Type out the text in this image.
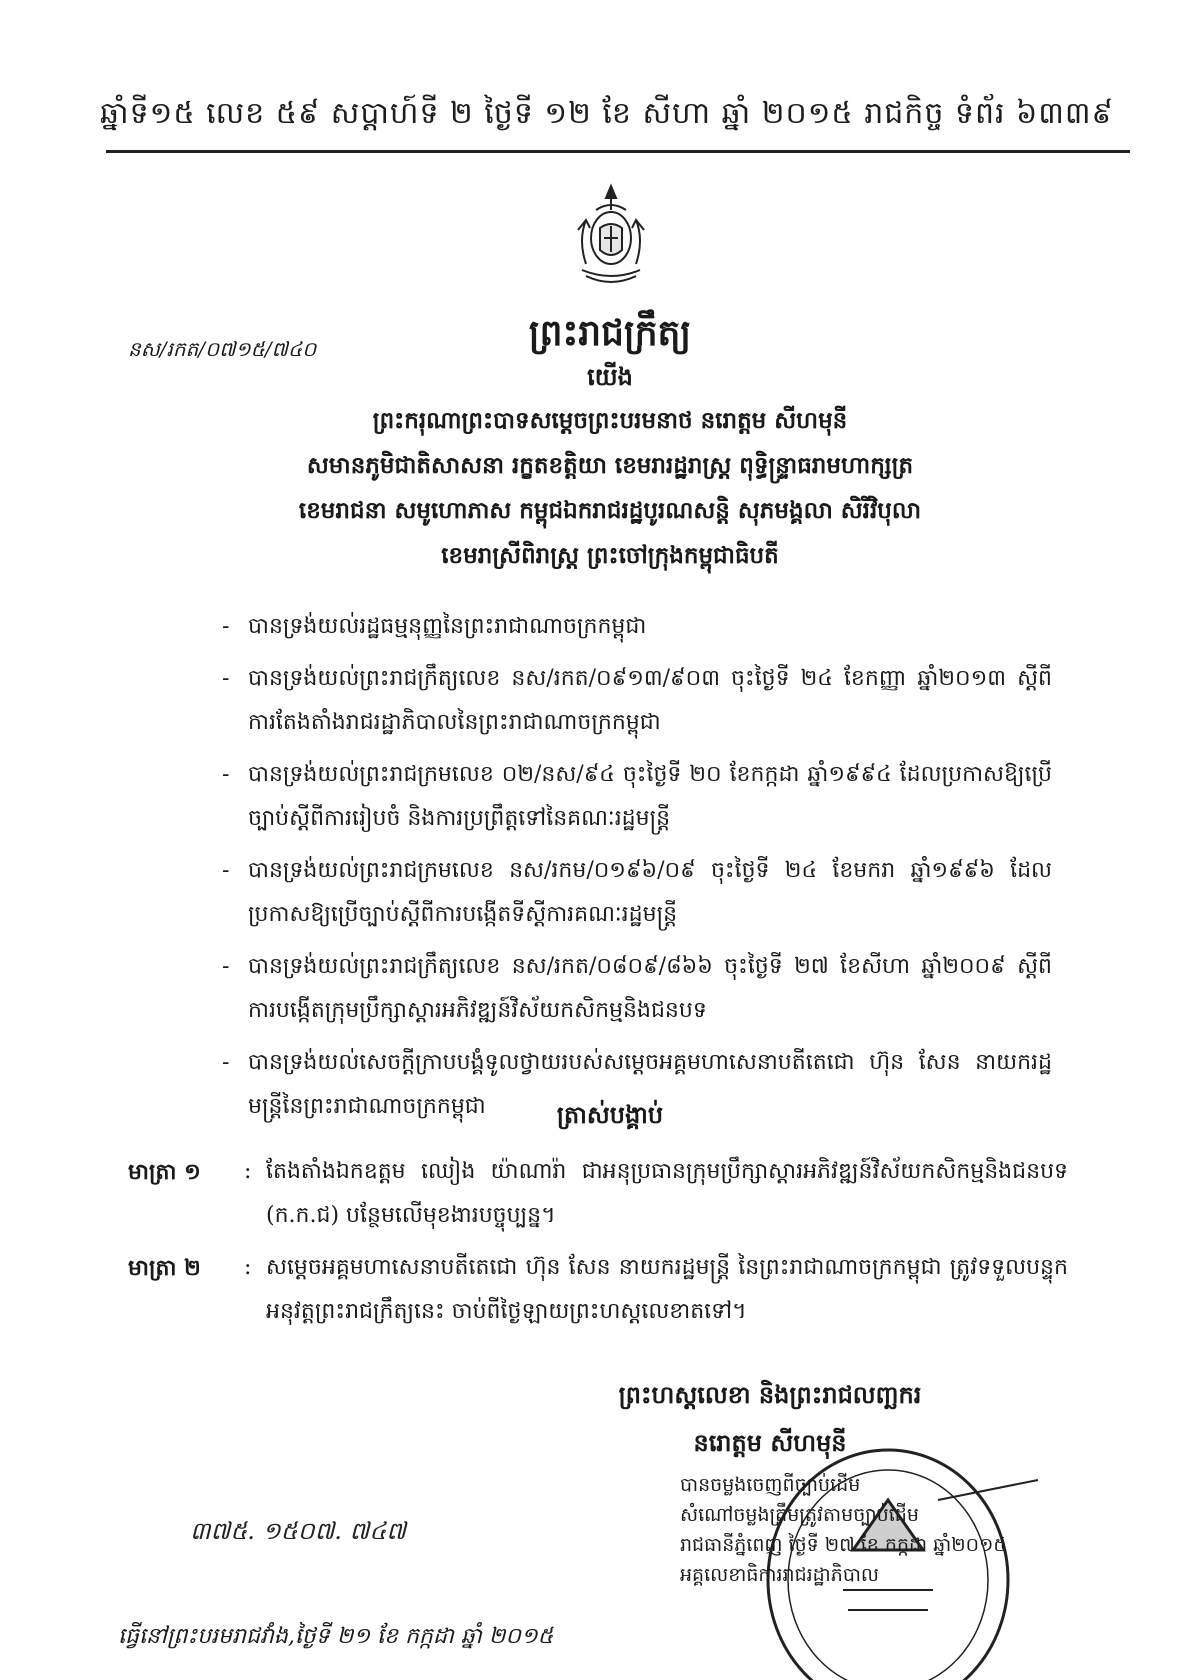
ឆ្នាំទី១៥ លេខ ៥៩ សប្តាហ៍ទី ២ ថ្ងៃទី ១២ ខែ សីហា ឆ្នាំ ២០១៥ រាជកិច្ច ទំព័រ ៦៣៣៩
ព្រះរាជក្រឹត្យ
នស/រកត/០៧១៥/៧៤០
យើង
ព្រះករុណាព្រះបាទសម្តេចព្រះបរមនាថ នរោត្តម សីហមុនី
សមានភូមិជាតិសាសនា រក្ខតខត្តិយា ខេមរារដ្ឋរាស្ត្រ ពុទ្ធិន្ទ្រាធរាមហាក្សត្រ
ខេមរាជនា សមូហោភាស កម្ពុជឯករាជរដ្ឋបូរណសន្តិ សុភមង្គលា សិរីវិបុលា
ខេមរាស្រីពិរាស្ត្រ ព្រះចៅក្រុងកម្ពុជាធិបតី
- បានទ្រង់យល់រដ្ឋធម្មនុញ្ញនៃព្រះរាជាណាចក្រកម្ពុជា
- បានទ្រង់យល់ព្រះរាជក្រឹត្យលេខ នស/រកត/០៩១៣/៩០៣ ចុះថ្ងៃទី ២៤ ខែកញ្ញា ឆ្នាំ២០១៣ ស្តីពីការតែងតាំងរាជរដ្ឋាភិបាលនៃព្រះរាជាណាចក្រកម្ពុជា
- បានទ្រង់យល់ព្រះរាជក្រមលេខ ០២/នស/៩៤ ចុះថ្ងៃទី ២០ ខែកក្កដា ឆ្នាំ១៩៩៤ ដែលប្រកាសឱ្យប្រើច្បាប់ស្តីពីការរៀបចំ និងការប្រព្រឹត្តទៅនៃគណៈរដ្ឋមន្ត្រី
- បានទ្រង់យល់ព្រះរាជក្រមលេខ នស/រកម/០១៩៦/០៩ ចុះថ្ងៃទី ២៤ ខែមករា ឆ្នាំ១៩៩៦ ដែលប្រកាសឱ្យប្រើច្បាប់ស្តីពីការបង្កើតទីស្តីការគណៈរដ្ឋមន្ត្រី
- បានទ្រង់យល់ព្រះរាជក្រឹត្យលេខ នស/រកត/០៨០៩/៨៦៦ ចុះថ្ងៃទី ២៧ ខែសីហា ឆ្នាំ២០០៩ ស្តីពីការបង្កើតក្រុមប្រឹក្សាស្តារអភិវឌ្ឍន៍វិស័យកសិកម្មនិងជនបទ
- បានទ្រង់យល់សេចក្តីក្រាបបង្គំទូលថ្វាយរបស់សម្តេចអគ្គមហាសេនាបតីតេជោ ហ៊ុន សែន នាយករដ្ឋមន្ត្រីនៃព្រះរាជាណាចក្រកម្ពុជា	ត្រាស់បង្គាប់
មាត្រា ១	: តែងតាំងឯកឧត្តម ឈៀង យ៉ាណារ៉ា ជាអនុប្រធានក្រុមប្រឹក្សាស្តារអភិវឌ្ឍន៍វិស័យកសិកម្មនិងជនបទ (ក.ក.ជ) បន្ថែមលើមុខងារបច្ចុប្បន្ន។
មាត្រា ២	: សម្តេចអគ្គមហាសេនាបតីតេជោ ហ៊ុន សែន នាយករដ្ឋមន្ត្រី នៃព្រះរាជាណាចក្រកម្ពុជា ត្រូវទទួលបន្ទុកអនុវត្តព្រះរាជក្រឹត្យនេះ ចាប់ពីថ្ងៃឡាយព្រះហស្តលេខាតទៅ។
ព្រះហស្តលេខា និងព្រះរាជលញ្ឆករ
នរោត្តម សីហមុនី
៣៧៥. ១៥០៧. ៧៤៧
បានចម្លងចេញពីច្បាប់ដើម
សំណៅចម្លងត្រឹមត្រូវតាមច្បាប់ដើម
រាជធានីភ្នំពេញ ថ្ងៃទី ២៧ ខែ កក្កដា ឆ្នាំ២០១៥
អគ្គលេខាធិការរាជរដ្ឋាភិបាល
ធ្វើនៅព្រះបរមរាជវាំង,ថ្ងៃទី ២១ ខែ កក្កដា ឆ្នាំ ២០១៥
